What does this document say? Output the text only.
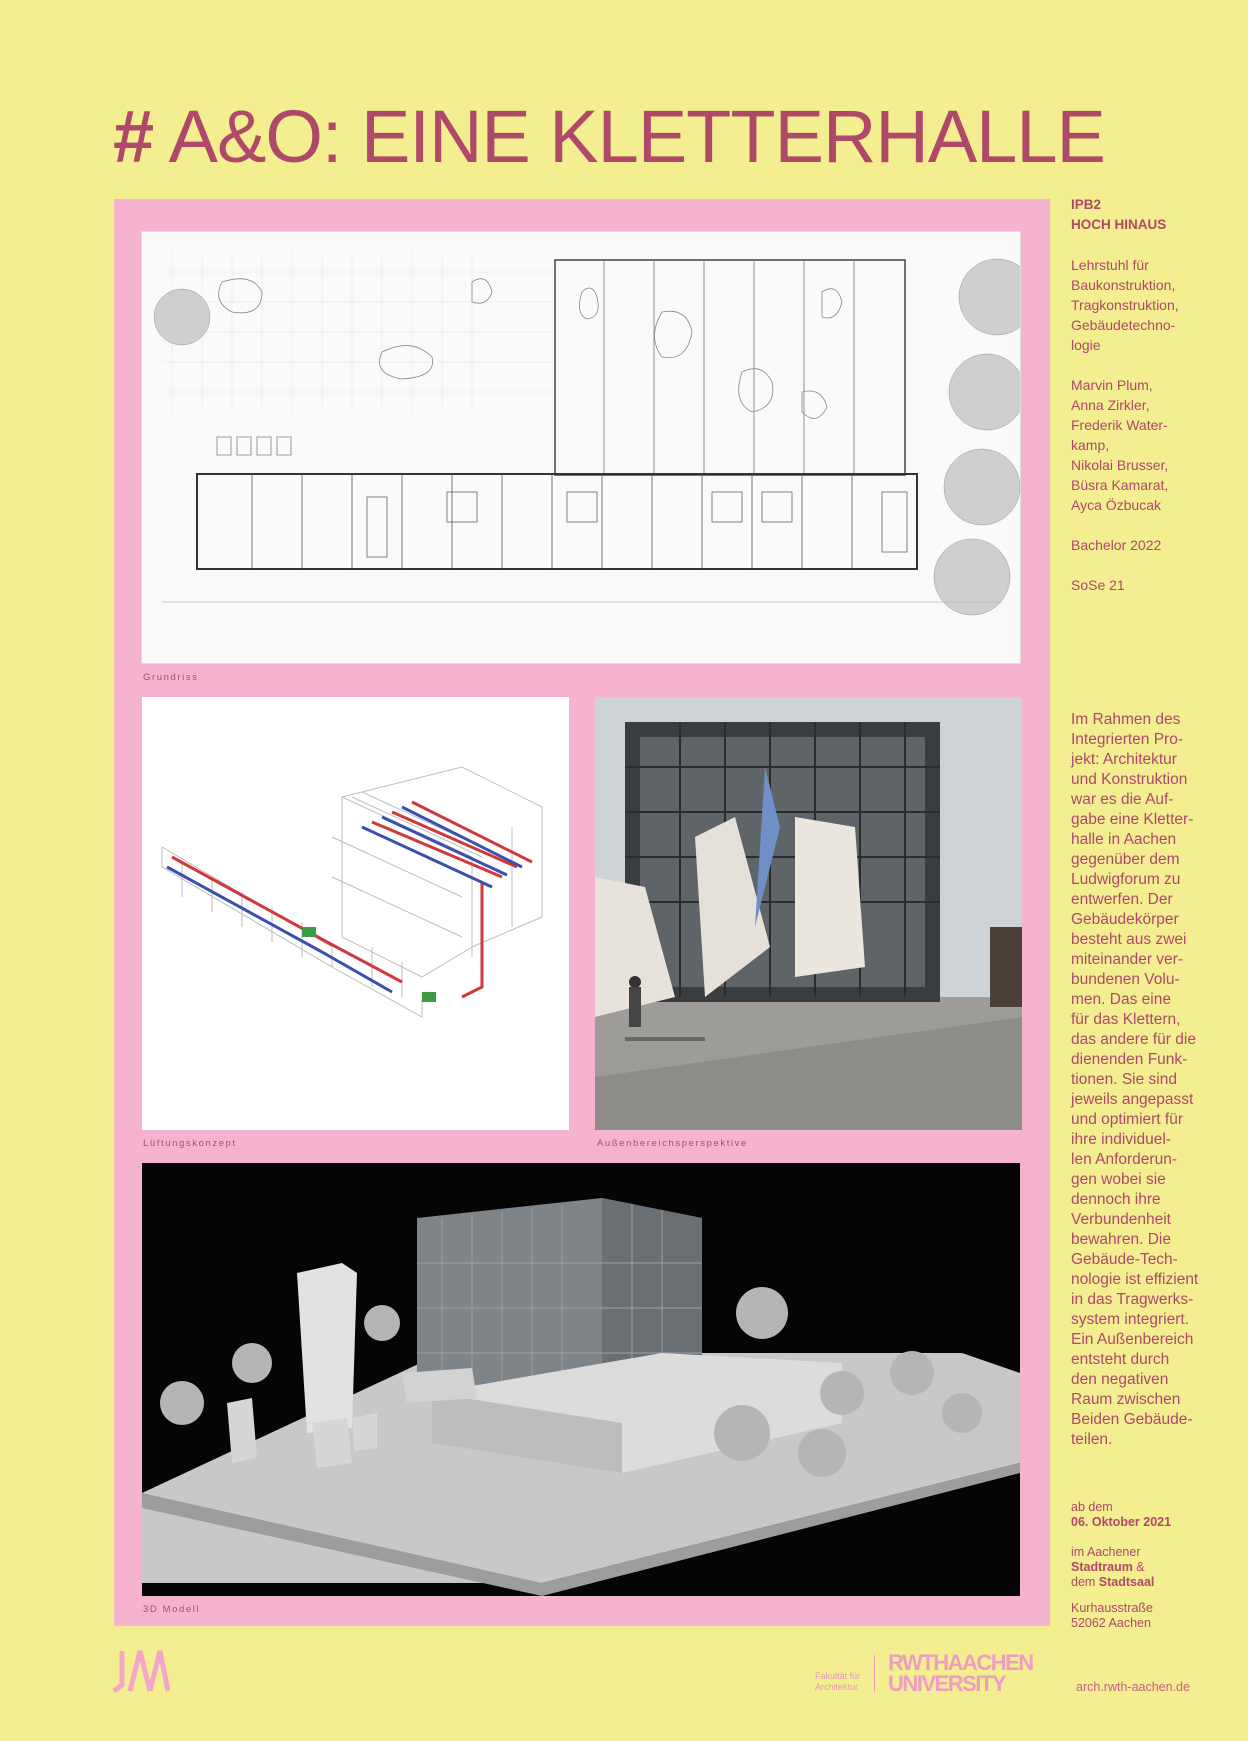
# A&O: EINE KLETTERHALLE
Grundriss
Lüftungskonzept	Außenbereichsperspektive
3D Modell
IPB2
HOCH HINAUS
Lehrstuhl für
Baukonstruktion,
Tragkonstruktion,
Gebäudetechno-
logie
Marvin Plum,
Anna Zirkler,
Frederik Water-
kamp,
Nikolai Brusser,
Büsra Kamarat,
Ayca Özbucak
Bachelor 2022
SoSe 21
Im Rahmen des
Integrierten Pro-
jekt: Architektur
und Konstruktion
war es die Auf-
gabe eine Kletter-
halle in Aachen
gegenüber dem
Ludwigforum zu
entwerfen. Der
Gebäudekörper
besteht aus zwei
miteinander ver-
bundenen Volu-
men. Das eine
für das Klettern,
das andere für die
dienenden Funk-
tionen. Sie sind
jeweils angepasst
und optimiert für
ihre individuel-
len Anforderun-
gen wobei sie
dennoch ihre
Verbundenheit
bewahren. Die
Gebäude-Tech-
nologie ist effizient
in das Tragwerks-
system integriert.
Ein Außenbereich
entsteht durch
den negativen
Raum zwischen
Beiden Gebäude-
teilen.
ab dem
06. Oktober 2021
im Aachener
Stadtraum &
dem Stadtsaal
Kurhausstraße
52062 Aachen
Fakultät für
Architektur
RWTHAACHEN
UNIVERSITY	arch.rwth-aachen.de
